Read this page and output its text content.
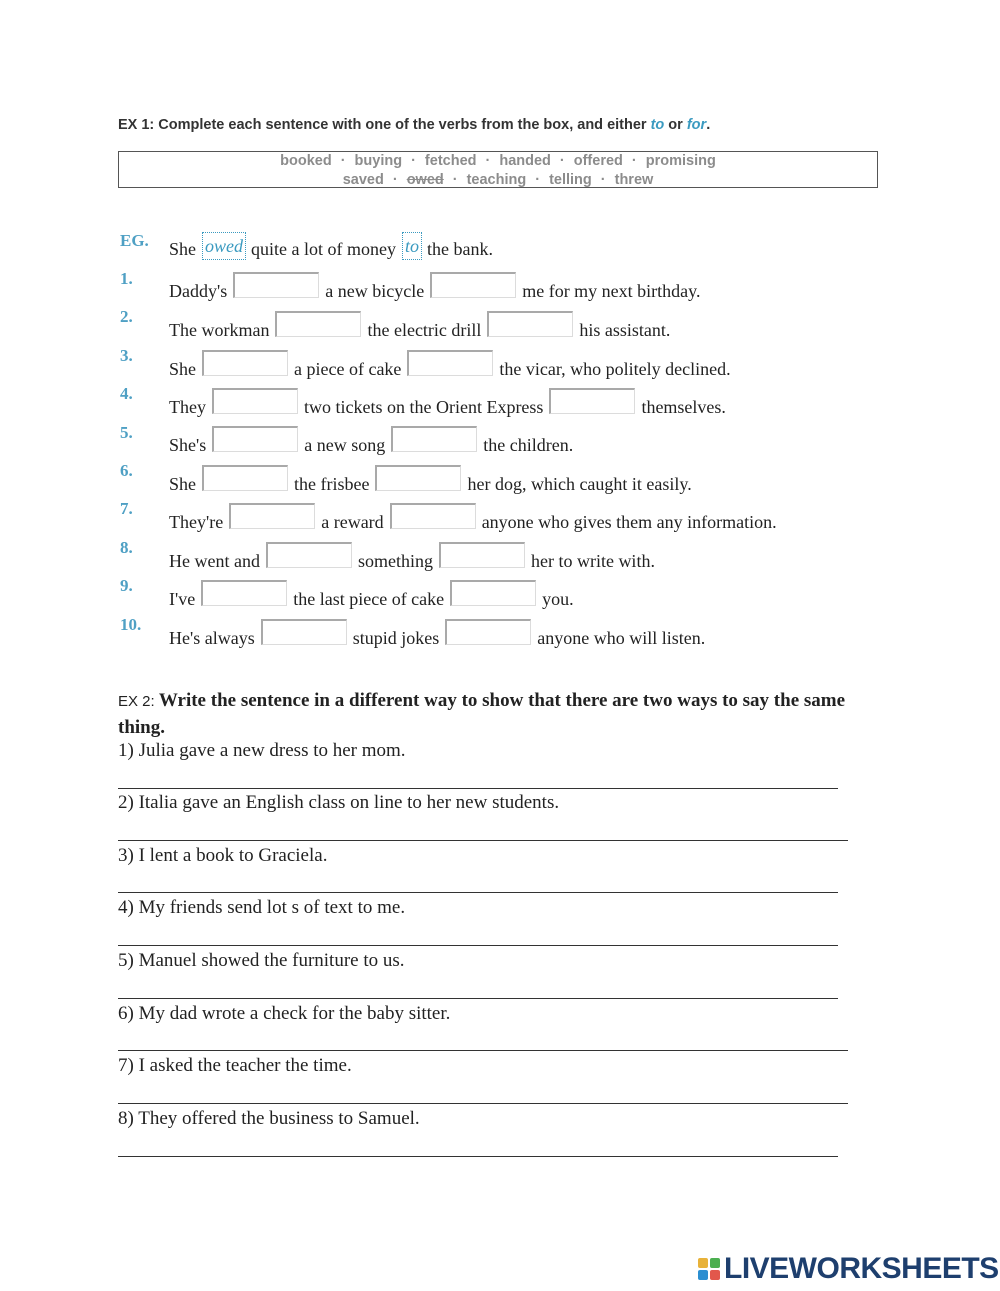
EX 1: Complete each sentence with one of the verbs from the box, and either to or for.
booked · buying · fetched · handed · offered · promising
saved · owed · teaching · telling · threw
EG. She owed quite a lot of money to the bank.
1.
Daddy's	a new bicycle	me for my next birthday.
2.
The workman	the electric drill	his assistant.
3.
She	a piece of cake	the vicar, who politely declined.
4.
They	two tickets on the Orient Express	themselves.
5.
She's	a new song	the children.
6.
She	the frisbee	her dog, which caught it easily.
7.
They're	a reward	anyone who gives them any information.
8.
He went and	something	her to write with.
9.
I've	the last piece of cake	you.
10.
He's always	stupid jokes	anyone who will listen.
EX 2: Write the sentence in a different way to show that there are two ways to say the same thing.
1) Julia gave a new dress to her mom.
2) Italia gave an English class on line to her new students.
3) I lent a book to Graciela.
4) My friends send lot s of text to me.
5) Manuel showed the furniture to us.
6) My dad wrote a check for the baby sitter.
7) I asked the teacher the time.
8) They offered the business to Samuel.
LIVEWORKSHEETS
